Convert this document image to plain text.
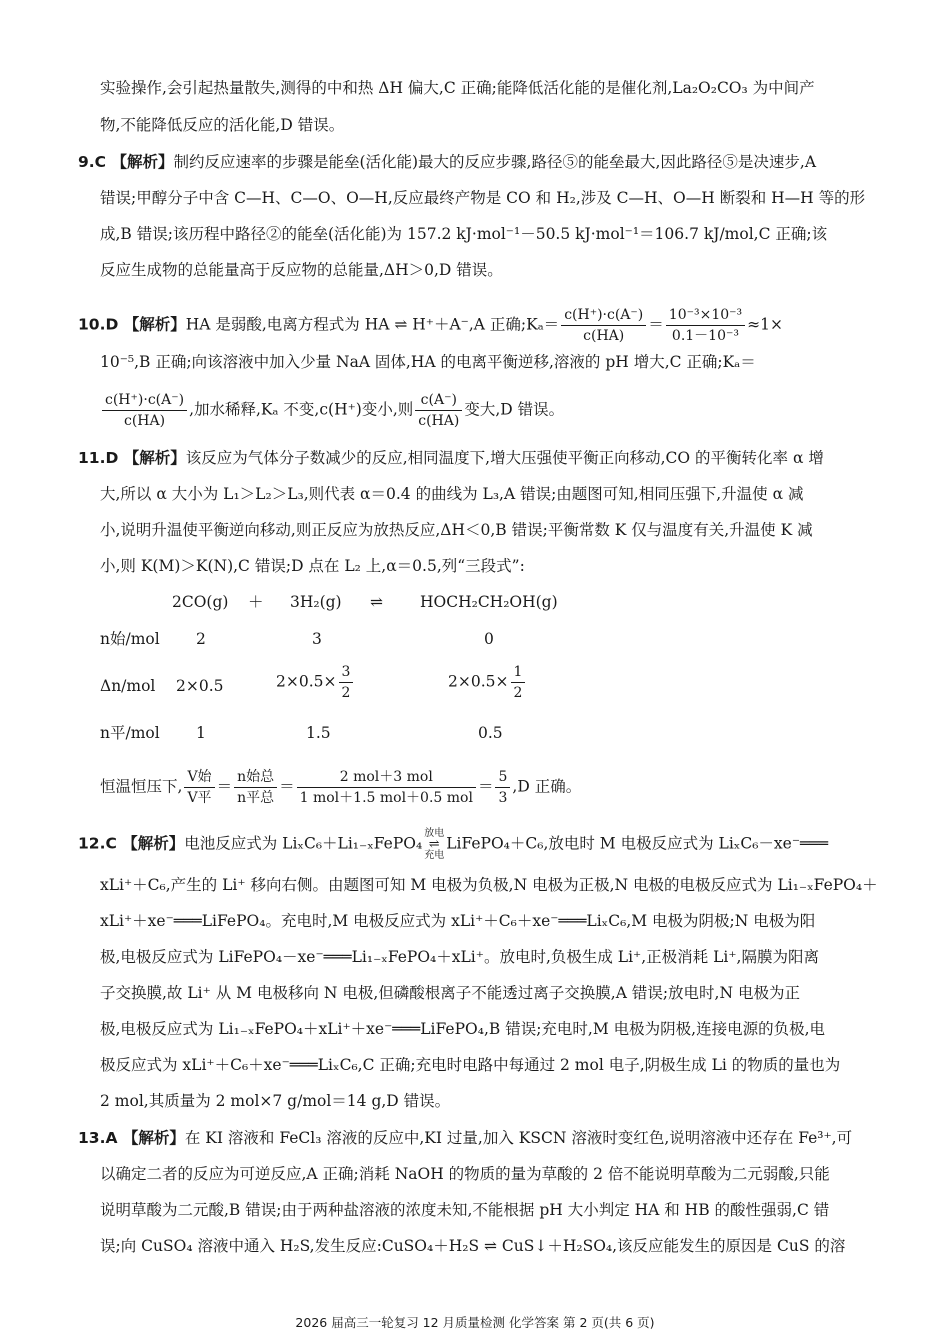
实验操作,会引起热量散失,测得的中和热 ΔH 偏大,C 正确;能降低活化能的是催化剂,La₂O₂CO₃ 为中间产
物,不能降低反应的活化能,D 错误。
9.C 【解析】制约反应速率的步骤是能垒(活化能)最大的反应步骤,路径⑤的能垒最大,因此路径⑤是决速步,A
错误;甲醇分子中含 C—H、C—O、O—H,反应最终产物是 CO 和 H₂,涉及 C—H、O—H 断裂和 H—H 等的形
成,B 错误;该历程中路径②的能垒(活化能)为 157.2 kJ·mol⁻¹－50.5 kJ·mol⁻¹＝106.7 kJ/mol,C 正确;该
反应生成物的总能量高于反应物的总能量,ΔH＞0,D 错误。
10.D 【解析】HA 是弱酸,电离方程式为 HA ⇌ H⁺＋A⁻,A 正确;Kₐ＝ $\frac{c(H^+)\cdot c(A^-)}{c(HA)} = \frac{\text{10⁻³×10⁻³}}{\text{0.1－10⁻³}} \approx 1\times$
10⁻⁵,B 正确;向该溶液中加入少量 NaA 固体,HA 的电离平衡逆移,溶液的 pH 增大,C 正确;Kₐ＝
$\frac{c(H^+)\cdot c(A^-)}{c(HA)}$ ,加水稀释,Kₐ 不变,c(H⁺)变小,则 $\frac{c(A^-)}{c(HA)}$ 变大,D 错误。
11.D 【解析】该反应为气体分子数减少的反应,相同温度下,增大压强使平衡正向移动,CO 的平衡转化率 α 增
大,所以 α 大小为 L₁＞L₂＞L₃,则代表 α＝0.4 的曲线为 L₃,A 错误;由题图可知,相同压强下,升温使 α 减
小,说明升温使平衡逆向移动,则正反应为放热反应,ΔH＜0,B 错误;平衡常数 K 仅与温度有关,升温使 K 减
小,则 K(M)＞K(N),C 错误;D 点在 L₂ 上,α＝0.5,列“三段式”:
2CO(g) ＋ 3H₂(g) ⇌ HOCH₂CH₂OH(g)
n始/mol 2	3	0
Δn/mol 2×0.5	$2\times 0.5\times \frac{3}{2}$	$2\times 0.5\times \frac{1}{2}$
n平/mol 1	1.5	0.5
恒温恒压下, $\frac{\text{V始}}{\text{V平}} = \frac{\text{n始总}}{\text{n平总}} = \frac{\text{2 mol＋3 mol}}{\text{1 mol＋1.5 mol＋0.5 mol}} = \frac{5}{3} ,D$ 正确。
12.C 【解析】电池反应式为 LiₓC₆＋Li₁₋ₓFePO₄放电
⇌
充电LiFePO₄＋C₆,放电时 M 电极反应式为 LiₓC₆－xe⁻═══
xLi⁺＋C₆,产生的 Li⁺ 移向右侧。由题图可知 M 电极为负极,N 电极为正极,N 电极的电极反应式为 Li₁₋ₓFePO₄＋
xLi⁺＋xe⁻═══LiFePO₄。充电时,M 电极反应式为 xLi⁺＋C₆＋xe⁻═══LiₓC₆,M 电极为阴极;N 电极为阳
极,电极反应式为 LiFePO₄－xe⁻═══Li₁₋ₓFePO₄＋xLi⁺。放电时,负极生成 Li⁺,正极消耗 Li⁺,隔膜为阳离
子交换膜,故 Li⁺ 从 M 电极移向 N 电极,但磷酸根离子不能透过离子交换膜,A 错误;放电时,N 电极为正
极,电极反应式为 Li₁₋ₓFePO₄＋xLi⁺＋xe⁻═══LiFePO₄,B 错误;充电时,M 电极为阴极,连接电源的负极,电
极反应式为 xLi⁺＋C₆＋xe⁻═══LiₓC₆,C 正确;充电时电路中每通过 2 mol 电子,阴极生成 Li 的物质的量也为
2 mol,其质量为 2 mol×7 g/mol＝14 g,D 错误。
13.A 【解析】在 KI 溶液和 FeCl₃ 溶液的反应中,KI 过量,加入 KSCN 溶液时变红色,说明溶液中还存在 Fe³⁺,可
以确定二者的反应为可逆反应,A 正确;消耗 NaOH 的物质的量为草酸的 2 倍不能说明草酸为二元弱酸,只能
说明草酸为二元酸,B 错误;由于两种盐溶液的浓度未知,不能根据 pH 大小判定 HA 和 HB 的酸性强弱,C 错
误;向 CuSO₄ 溶液中通入 H₂S,发生反应:CuSO₄＋H₂S ⇌ CuS↓＋H₂SO₄,该反应能发生的原因是 CuS 的溶
2026 届高三一轮复习 12 月质量检测 化学答案 第 2 页(共 6 页)
